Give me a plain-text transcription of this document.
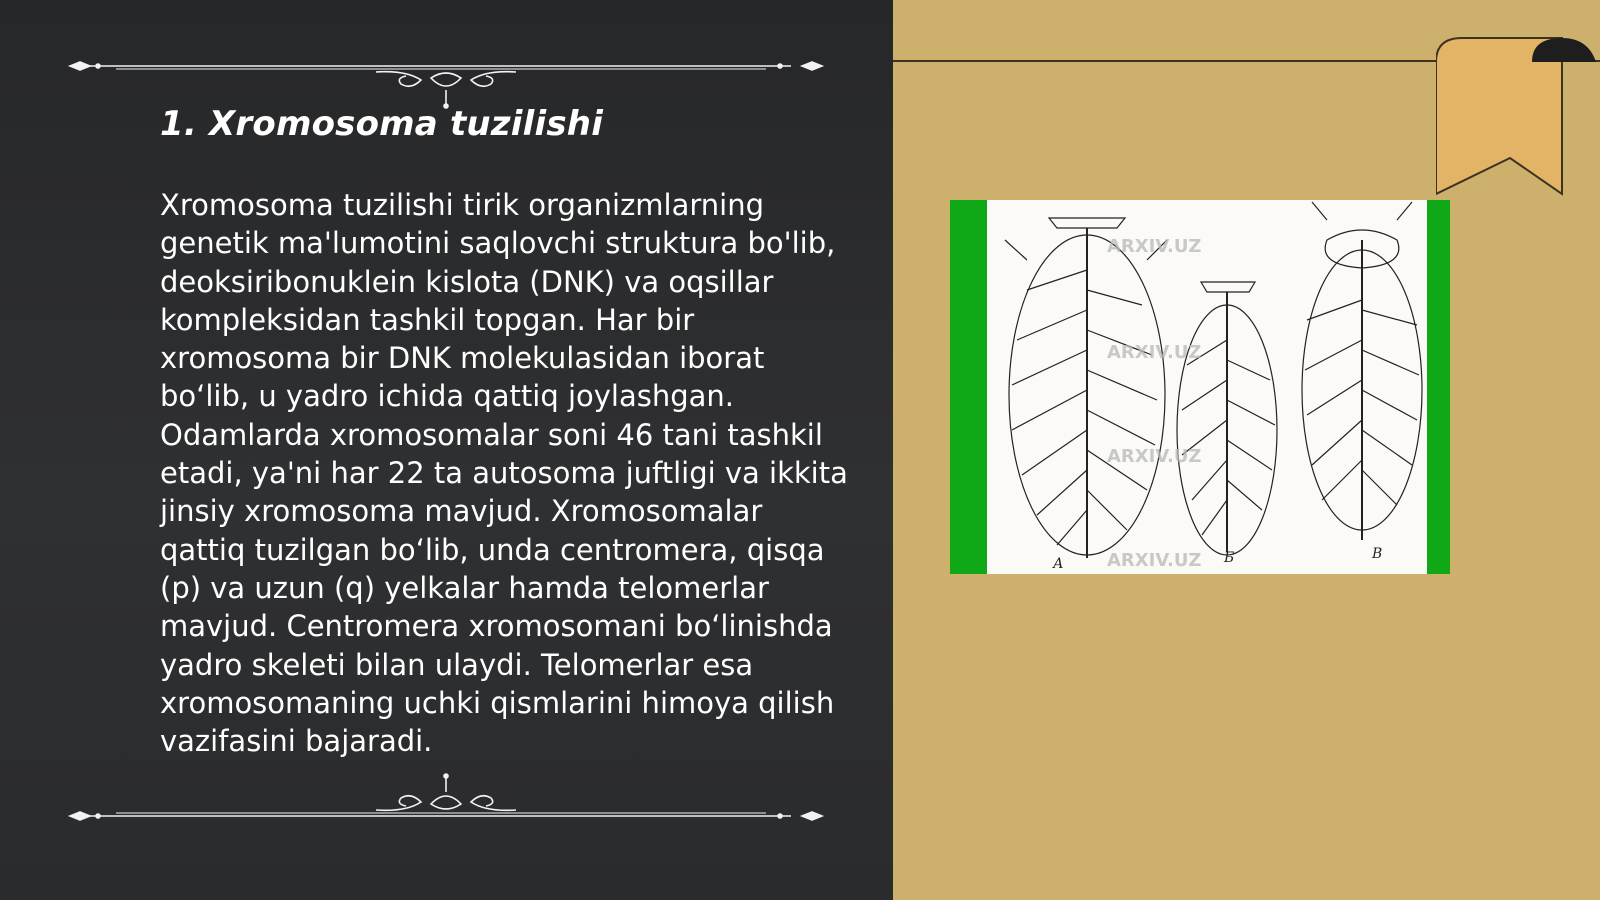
1. Xromosoma tuzilishi

Xromosoma tuzilishi tirik organizmlarning genetik ma'lumotini saqlovchi struktura bo'lib, deoksiribonuklein kislota (DNK) va oqsillar kompleksidan tashkil topgan. Har bir xromosoma bir DNK molekulasidan iborat bo‘lib, u yadro ichida qattiq joylashgan. Odamlarda xromosomalar soni 46 tani tashkil etadi, ya'ni har 22 ta autosoma juftligi va ikkita jinsiy xromosoma mavjud. Xromosomalar qattiq tuzilgan bo‘lib, unda centromera, qisqa (p) va uzun (q) yelkalar hamda telomerlar mavjud. Centromera xromosomani bo‘linishda yadro skeleti bilan ulaydi. Telomerlar esa xromosomaning uchki qismlarini himoya qilish vazifasini bajaradi.

ARXIV.UZ
ARXIV.UZ
ARXIV.UZ
ARXIV.UZ
А	Б	В
